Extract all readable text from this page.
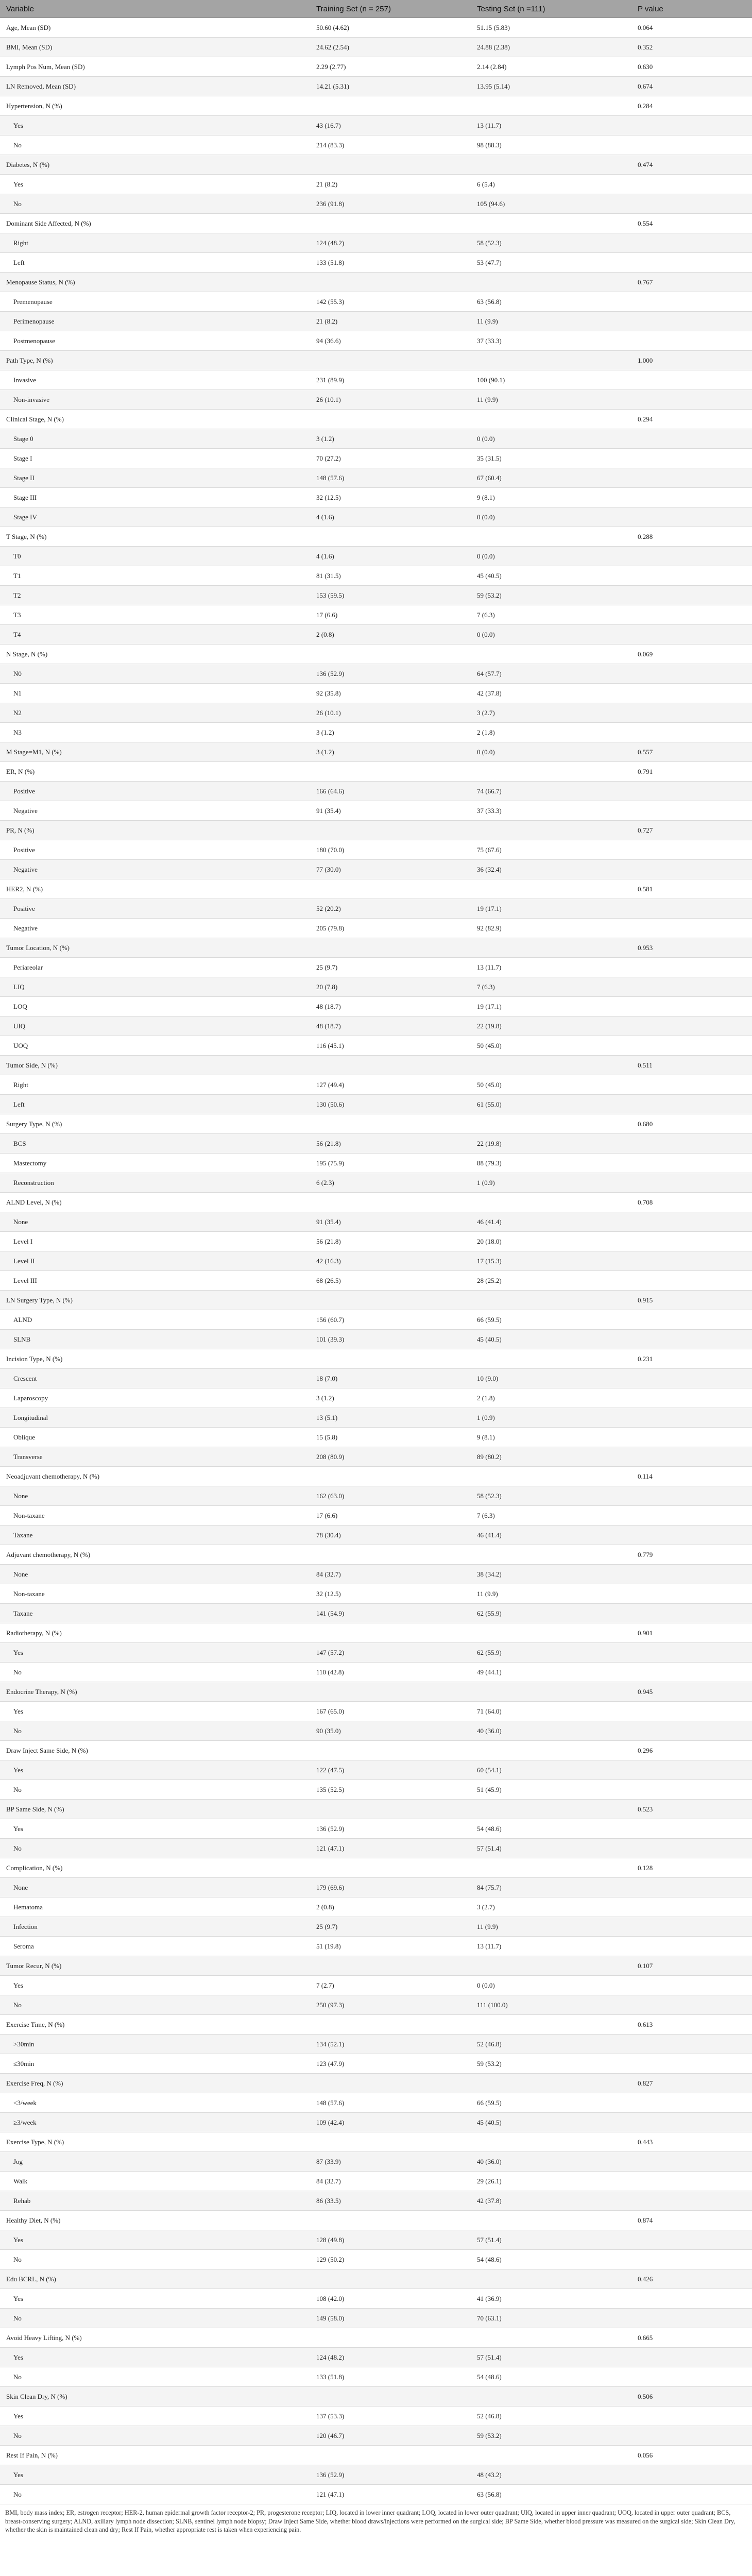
Variable	Training Set (n = 257)	Testing Set (n =111)	P value
Age, Mean (SD)	50.60 (4.62)	51.15 (5.83)	0.064
BMI, Mean (SD)	24.62 (2.54)	24.88 (2.38)	0.352
Lymph Pos Num, Mean (SD)	2.29 (2.77)	2.14 (2.84)	0.630
LN Removed, Mean (SD)	14.21 (5.31)	13.95 (5.14)	0.674
Hypertension, N (%)			0.284
Yes	43 (16.7)	13 (11.7)	
No	214 (83.3)	98 (88.3)	
Diabetes, N (%)			0.474
Yes	21 (8.2)	6 (5.4)	
No	236 (91.8)	105 (94.6)	
Dominant Side Affected, N (%)			0.554
Right	124 (48.2)	58 (52.3)	
Left	133 (51.8)	53 (47.7)	
Menopause Status, N (%)			0.767
Premenopause	142 (55.3)	63 (56.8)	
Perimenopause	21 (8.2)	11 (9.9)	
Postmenopause	94 (36.6)	37 (33.3)	
Path Type, N (%)			1.000
Invasive	231 (89.9)	100 (90.1)	
Non-invasive	26 (10.1)	11 (9.9)	
Clinical Stage, N (%)			0.294
Stage 0	3 (1.2)	0 (0.0)	
Stage I	70 (27.2)	35 (31.5)	
Stage II	148 (57.6)	67 (60.4)	
Stage III	32 (12.5)	9 (8.1)	
Stage IV	4 (1.6)	0 (0.0)	
T Stage, N (%)			0.288
T0	4 (1.6)	0 (0.0)	
T1	81 (31.5)	45 (40.5)	
T2	153 (59.5)	59 (53.2)	
T3	17 (6.6)	7 (6.3)	
T4	2 (0.8)	0 (0.0)	
N Stage, N (%)			0.069
N0	136 (52.9)	64 (57.7)	
N1	92 (35.8)	42 (37.8)	
N2	26 (10.1)	3 (2.7)	
N3	3 (1.2)	2 (1.8)	
M Stage=M1, N (%)	3 (1.2)	0 (0.0)	0.557
ER, N (%)			0.791
Positive	166 (64.6)	74 (66.7)	
Negative	91 (35.4)	37 (33.3)	
PR, N (%)			0.727
Positive	180 (70.0)	75 (67.6)	
Negative	77 (30.0)	36 (32.4)	
HER2, N (%)			0.581
Positive	52 (20.2)	19 (17.1)	
Negative	205 (79.8)	92 (82.9)	
Tumor Location, N (%)			0.953
Periareolar	25 (9.7)	13 (11.7)	
LIQ	20 (7.8)	7 (6.3)	
LOQ	48 (18.7)	19 (17.1)	
UIQ	48 (18.7)	22 (19.8)	
UOQ	116 (45.1)	50 (45.0)	
Tumor Side, N (%)			0.511
Right	127 (49.4)	50 (45.0)	
Left	130 (50.6)	61 (55.0)	
Surgery Type, N (%)			0.680
BCS	56 (21.8)	22 (19.8)	
Mastectomy	195 (75.9)	88 (79.3)	
Reconstruction	6 (2.3)	1 (0.9)	
ALND Level, N (%)			0.708
None	91 (35.4)	46 (41.4)	
Level I	56 (21.8)	20 (18.0)	
Level II	42 (16.3)	17 (15.3)	
Level III	68 (26.5)	28 (25.2)	
LN Surgery Type, N (%)			0.915
ALND	156 (60.7)	66 (59.5)	
SLNB	101 (39.3)	45 (40.5)	
Incision Type, N (%)			0.231
Crescent	18 (7.0)	10 (9.0)	
Laparoscopy	3 (1.2)	2 (1.8)	
Longitudinal	13 (5.1)	1 (0.9)	
Oblique	15 (5.8)	9 (8.1)	
Transverse	208 (80.9)	89 (80.2)	
Neoadjuvant chemotherapy, N (%)			0.114
None	162 (63.0)	58 (52.3)	
Non-taxane	17 (6.6)	7 (6.3)	
Taxane	78 (30.4)	46 (41.4)	
Adjuvant chemotherapy, N (%)			0.779
None	84 (32.7)	38 (34.2)	
Non-taxane	32 (12.5)	11 (9.9)	
Taxane	141 (54.9)	62 (55.9)	
Radiotherapy, N (%)			0.901
Yes	147 (57.2)	62 (55.9)	
No	110 (42.8)	49 (44.1)	
Endocrine Therapy, N (%)			0.945
Yes	167 (65.0)	71 (64.0)	
No	90 (35.0)	40 (36.0)	
Draw Inject Same Side, N (%)			0.296
Yes	122 (47.5)	60 (54.1)	
No	135 (52.5)	51 (45.9)	
BP Same Side, N (%)			0.523
Yes	136 (52.9)	54 (48.6)	
No	121 (47.1)	57 (51.4)	
Complication, N (%)			0.128
None	179 (69.6)	84 (75.7)	
Hematoma	2 (0.8)	3 (2.7)	
Infection	25 (9.7)	11 (9.9)	
Seroma	51 (19.8)	13 (11.7)	
Tumor Recur, N (%)			0.107
Yes	7 (2.7)	0 (0.0)	
No	250 (97.3)	111 (100.0)	
Exercise Time, N (%)			0.613
>30min	134 (52.1)	52 (46.8)	
≤30min	123 (47.9)	59 (53.2)	
Exercise Freq, N (%)			0.827
<3/week	148 (57.6)	66 (59.5)	
≥3/week	109 (42.4)	45 (40.5)	
Exercise Type, N (%)			0.443
Jog	87 (33.9)	40 (36.0)	
Walk	84 (32.7)	29 (26.1)	
Rehab	86 (33.5)	42 (37.8)	
Healthy Diet, N (%)			0.874
Yes	128 (49.8)	57 (51.4)	
No	129 (50.2)	54 (48.6)	
Edu BCRL, N (%)			0.426
Yes	108 (42.0)	41 (36.9)	
No	149 (58.0)	70 (63.1)	
Avoid Heavy Lifting, N (%)			0.665
Yes	124 (48.2)	57 (51.4)	
No	133 (51.8)	54 (48.6)	
Skin Clean Dry, N (%)			0.506
Yes	137 (53.3)	52 (46.8)	
No	120 (46.7)	59 (53.2)	
Rest If Pain, N (%)			0.056
Yes	136 (52.9)	48 (43.2)	
No	121 (47.1)	63 (56.8)	
BMI, body mass index; ER, estrogen receptor; HER-2, human epidermal growth factor receptor-2; PR, progesterone receptor; LIQ, located in lower inner quadrant; LOQ, located in lower outer quadrant; UIQ, located in upper inner quadrant; UOQ, located in upper outer quadrant; BCS, breast-conserving surgery; ALND, axillary lymph node dissection; SLNB, sentinel lymph node biopsy; Draw Inject Same Side, whether blood draws/injections were performed on the surgical side; BP Same Side, whether blood pressure was measured on the surgical side; Skin Clean Dry, whether the skin is maintained clean and dry; Rest If Pain, whether appropriate rest is taken when experiencing pain.
